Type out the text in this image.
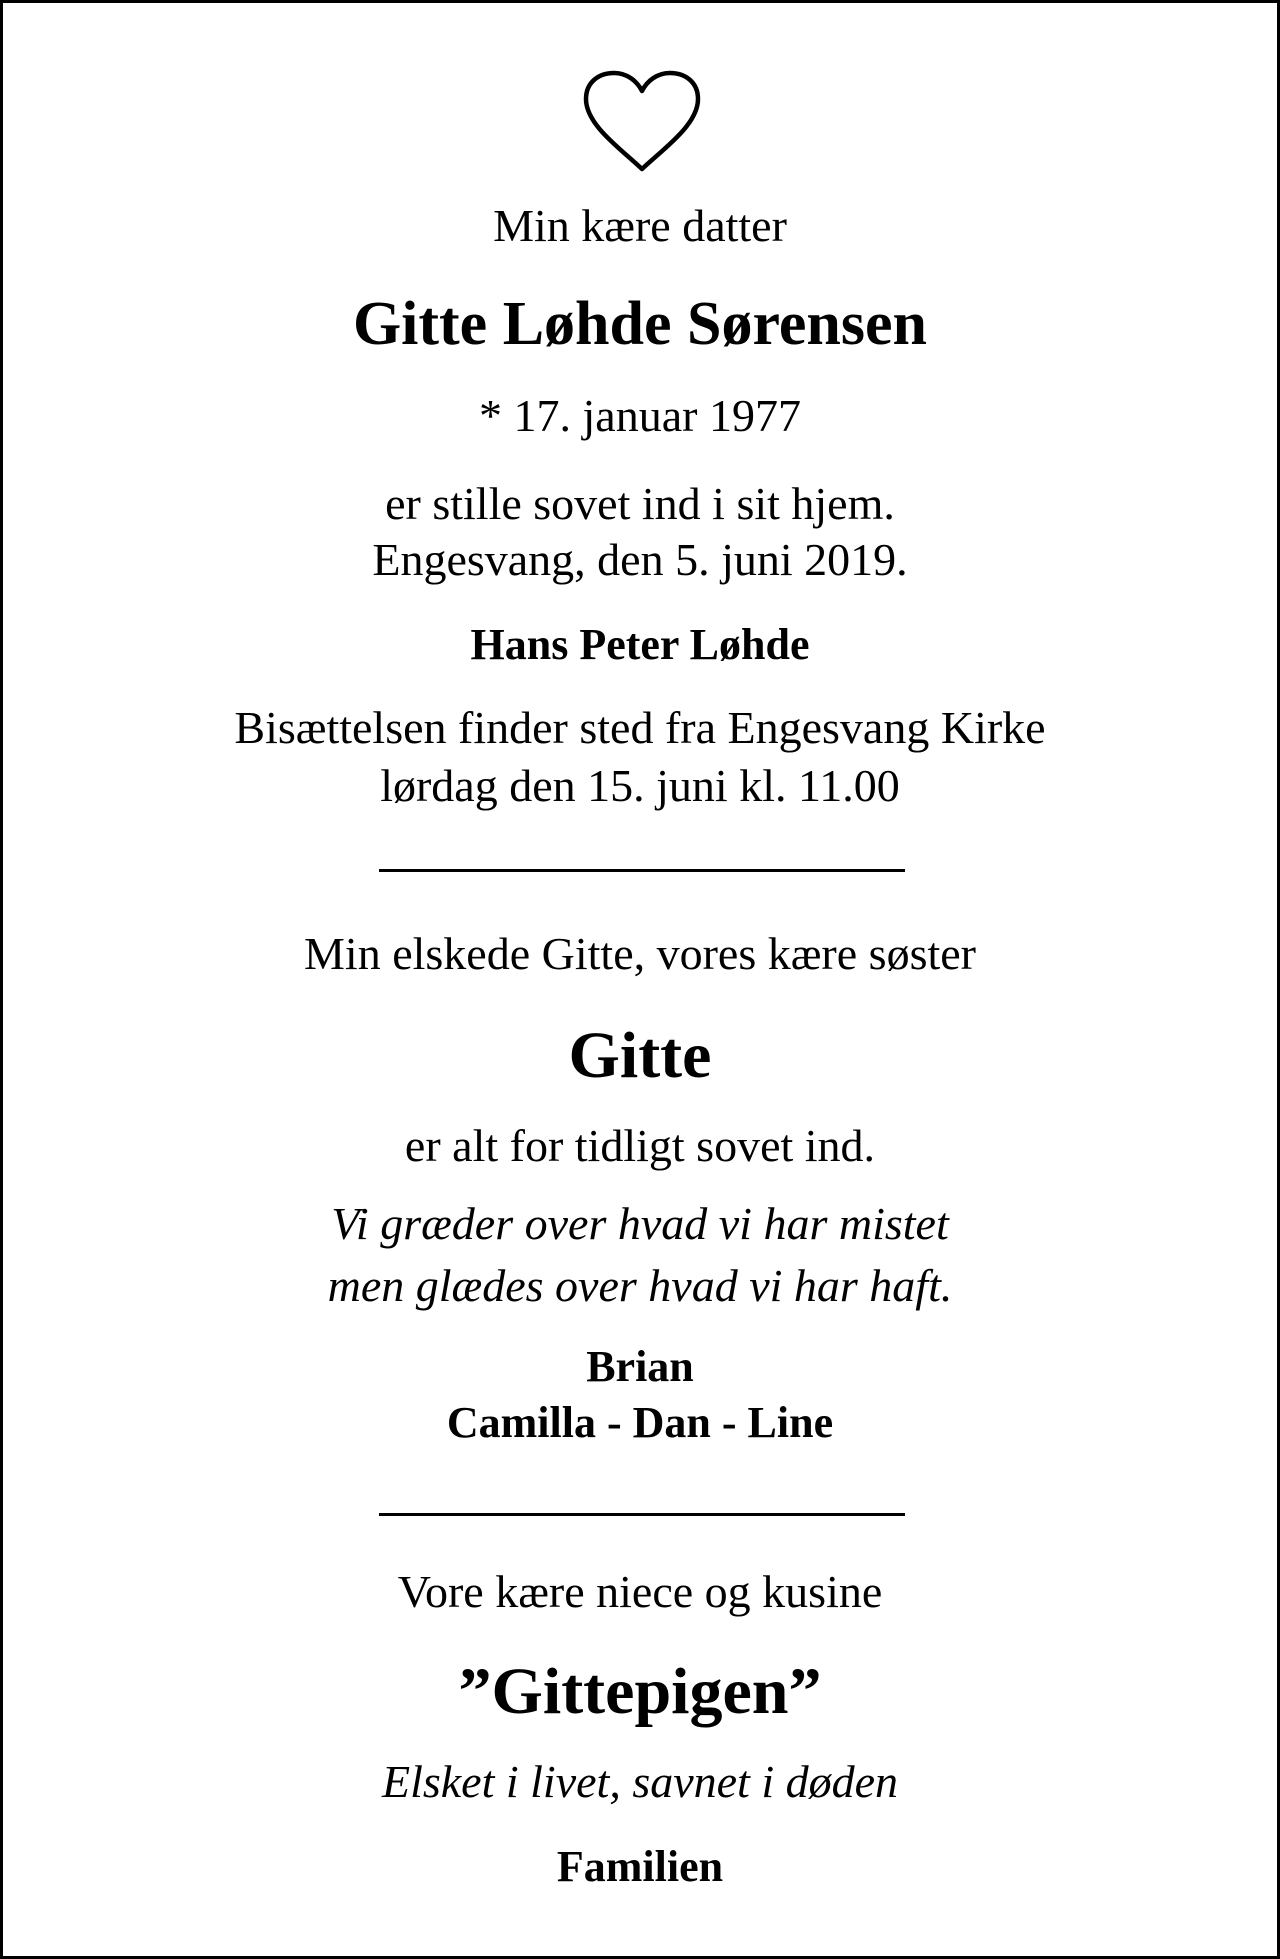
Min kære datter
Gitte Løhde Sørensen
* 17. januar 1977
er stille sovet ind i sit hjem.
Engesvang, den 5. juni 2019.
Hans Peter Løhde
Bisættelsen finder sted fra Engesvang Kirke
lørdag den 15. juni kl. 11.00
Min elskede Gitte, vores kære søster
Gitte
er alt for tidligt sovet ind.
Vi græder over hvad vi har mistet
men glædes over hvad vi har haft.
Brian
Camilla - Dan - Line
Vore kære niece og kusine
”Gittepigen”
Elsket i livet, savnet i døden
Familien
